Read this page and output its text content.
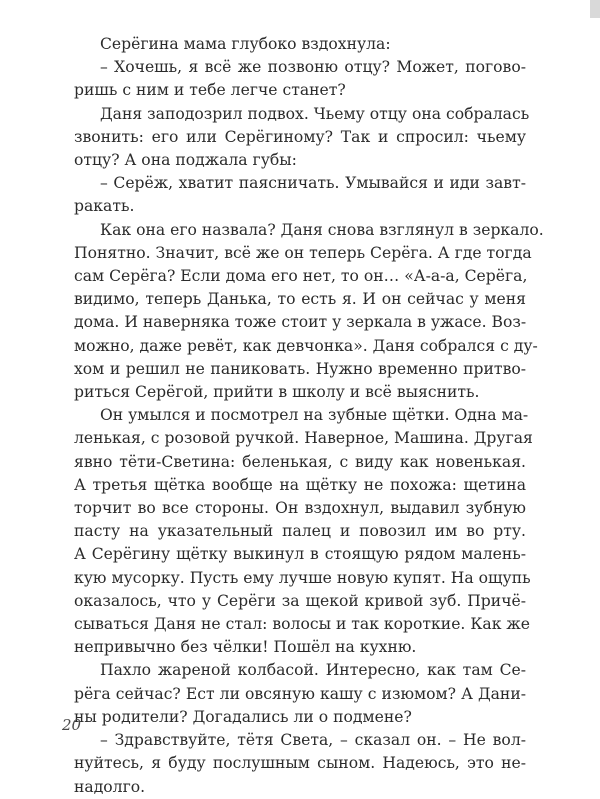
Серёгина мама глубоко вздохнула:

– Хочешь, я всё же позвоню отцу? Может, погово-
ришь с ним и тебе легче станет?

Даня заподозрил подвох. Чьему отцу она собралась
звонить: его или Серёгиному? Так и спросил: чьему
отцу? А она поджала губы:

– Серёж, хватит паясничать. Умывайся и иди завт-
ракать.

Как она его назвала? Даня снова взглянул в зеркало.
Понятно. Значит, всё же он теперь Серёга. А где тогда
сам Серёга? Если дома его нет, то он… «А-а-а, Серёга,
видимо, теперь Данька, то есть я. И он сейчас у меня
дома. И наверняка тоже стоит у зеркала в ужасе. Воз-
можно, даже ревёт, как девчонка». Даня собрался с ду-
хом и решил не паниковать. Нужно временно притво-
риться Серёгой, прийти в школу и всё выяснить.

Он умылся и посмотрел на зубные щётки. Одна ма-
ленькая, с розовой ручкой. Наверное, Машина. Другая
явно тёти-Светина: беленькая, с виду как новенькая.
А третья щётка вообще на щётку не похожа: щетина
торчит во все стороны. Он вздохнул, выдавил зубную
пасту на указательный палец и повозил им во рту.
А Серёгину щётку выкинул в стоящую рядом малень-
кую мусорку. Пусть ему лучше новую купят. На ощупь
оказалось, что у Серёги за щекой кривой зуб. Причё-
сываться Даня не стал: волосы и так короткие. Как же
непривычно без чёлки! Пошёл на кухню.

Пахло жареной колбасой. Интересно, как там Се-
рёга сейчас? Ест ли овсяную кашу с изюмом? А Дани-
ны родители? Догадались ли о подмене?

– Здравствуйте, тётя Света, – сказал он. – Не вол-
нуйтесь, я буду послушным сыном. Надеюсь, это не-
надолго.

20
